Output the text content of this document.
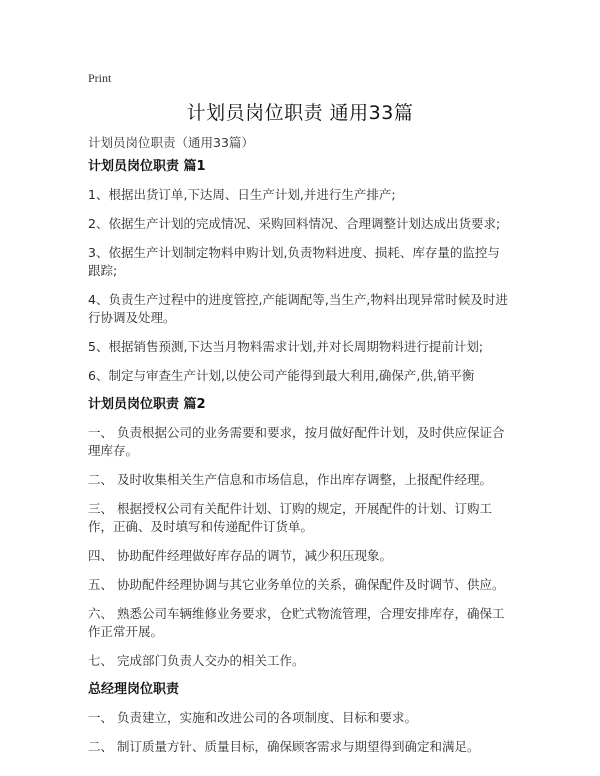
Print
计划员岗位职责 通用33篇
计划员岗位职责（通用33篇）
计划员岗位职责 篇1
1、根据出货订单,下达周、日生产计划,并进行生产排产;
2、依据生产计划的完成情况、采购回料情况、合理调整计划达成出货要求;
3、依据生产计划制定物料申购计划,负责物料进度、损耗、库存量的监控与跟踪;
4、负责生产过程中的进度管控,产能调配等,当生产,物料出现异常时候及时进行协调及处理。
5、根据销售预测,下达当月物料需求计划,并对长周期物料进行提前计划;
6、制定与审查生产计划,以使公司产能得到最大利用,确保产,供,销平衡
计划员岗位职责 篇2
一、 负责根据公司的业务需要和要求，按月做好配件计划，及时供应保证合理库存。
二、 及时收集相关生产信息和市场信息，作出库存调整，上报配件经理。
三、 根据授权公司有关配件计划、订购的规定，开展配件的计划、订购工作，正确、及时填写和传递配件订货单。
四、 协助配件经理做好库存品的调节，减少积压现象。
五、 协助配件经理协调与其它业务单位的关系，确保配件及时调节、供应。
六、 熟悉公司车辆维修业务要求，仓贮式物流管理，合理安排库存，确保工作正常开展。
七、 完成部门负责人交办的相关工作。
总经理岗位职责
一、 负责建立，实施和改进公司的各项制度、目标和要求。
二、 制订质量方针、质量目标，确保顾客需求与期望得到确定和满足。
